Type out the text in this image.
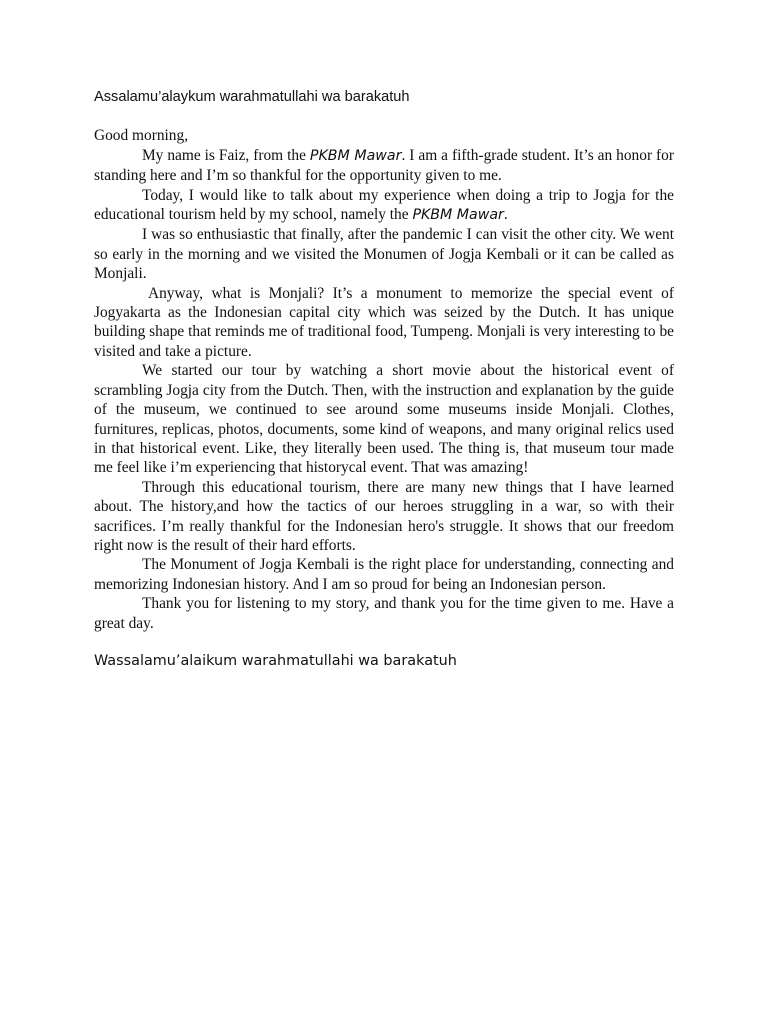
Assalamu’alaykum warahmatullahi wa barakatuh

Good morning,

My name is Faiz, from the PKBM Mawar. I am a fifth-grade student. It’s an honor for standing here and I’m so thankful for the opportunity given to me.

Today, I would like to talk about my experience when doing a trip to Jogja for the educational tourism held by my school, namely the PKBM Mawar.

I was so enthusiastic that finally, after the pandemic I can visit the other city. We went so early in the morning and we visited the Monumen of Jogja Kembali or it can be called as Monjali.

Anyway, what is Monjali? It’s a monument to memorize the special event of Jogyakarta as the Indonesian capital city which was seized by the Dutch. It has unique building shape that reminds me of traditional food, Tumpeng. Monjali is very interesting to be visited and take a picture.

We started our tour by watching a short movie about the historical event of scrambling Jogja city from the Dutch. Then, with the instruction and explanation by the guide of the museum, we continued to see around some museums inside Monjali. Clothes, furnitures, replicas, photos, documents, some kind of weapons, and many original relics used in that historical event. Like, they literally been used. The thing is, that museum tour made me feel like i’m experiencing that historycal event. That was amazing!

Through this educational tourism, there are many new things that I have learned about. The history,and how the tactics of our heroes struggling in a war, so with their sacrifices. I’m really thankful for the Indonesian hero's struggle. It shows that our freedom right now is the result of their hard efforts.

The Monument of Jogja Kembali is the right place for understanding, connecting and memorizing Indonesian history. And I am so proud for being an Indonesian person.

Thank you for listening to my story, and thank you for the time given to me. Have a great day.

Wassalamu’alaikum warahmatullahi wa barakatuh
